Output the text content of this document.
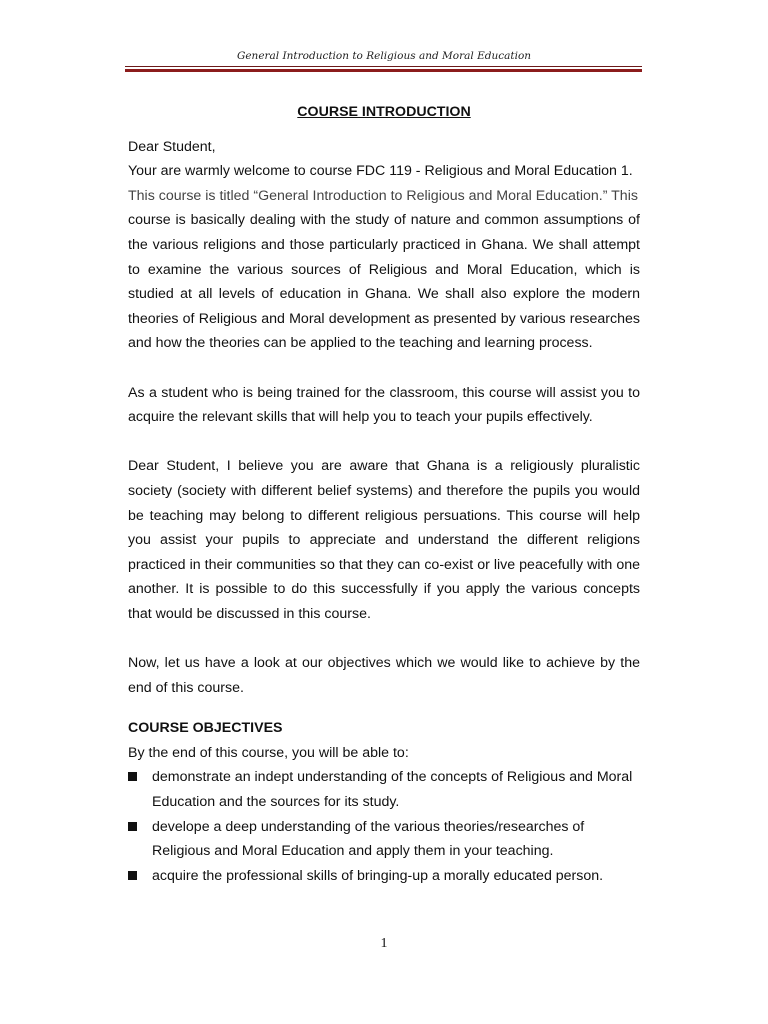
General Introduction to Religious and Moral Education
COURSE INTRODUCTION
Dear Student,
Your are warmly welcome to course FDC 119 - Religious and Moral Education 1.
This course is titled “General Introduction to Religious and Moral Education.” This

course is basically dealing with the study of nature and common assumptions of the various religions and those particularly practiced in Ghana. We shall attempt to examine the various sources of Religious and Moral Education, which is studied at all levels of education in Ghana. We shall also explore the modern theories of Religious and Moral development as presented by various researches and how the theories can be applied to the teaching and learning process.

As a student who is being trained for the classroom, this course will assist you to acquire the relevant skills that will help you to teach your pupils effectively.

Dear Student, I believe you are aware that Ghana is a religiously pluralistic society (society with different belief systems) and therefore the pupils you would be teaching may belong to different religious persuations. This course will help you assist your pupils to appreciate and understand the different religions practiced in their communities so that they can co-exist or live peacefully with one another. It is possible to do this successfully if you apply the various concepts that would be discussed in this course.

Now, let us have a look at our objectives which we would like to achieve by the end of this course.

COURSE OBJECTIVES
By the end of this course, you will be able to:
demonstrate an indept understanding of the concepts of Religious and Moral Education and the sources for its study.
develope a deep understanding of the various theories/researches of Religious and Moral Education and apply them in your teaching.
acquire the professional skills of bringing-up a morally educated person.
1
